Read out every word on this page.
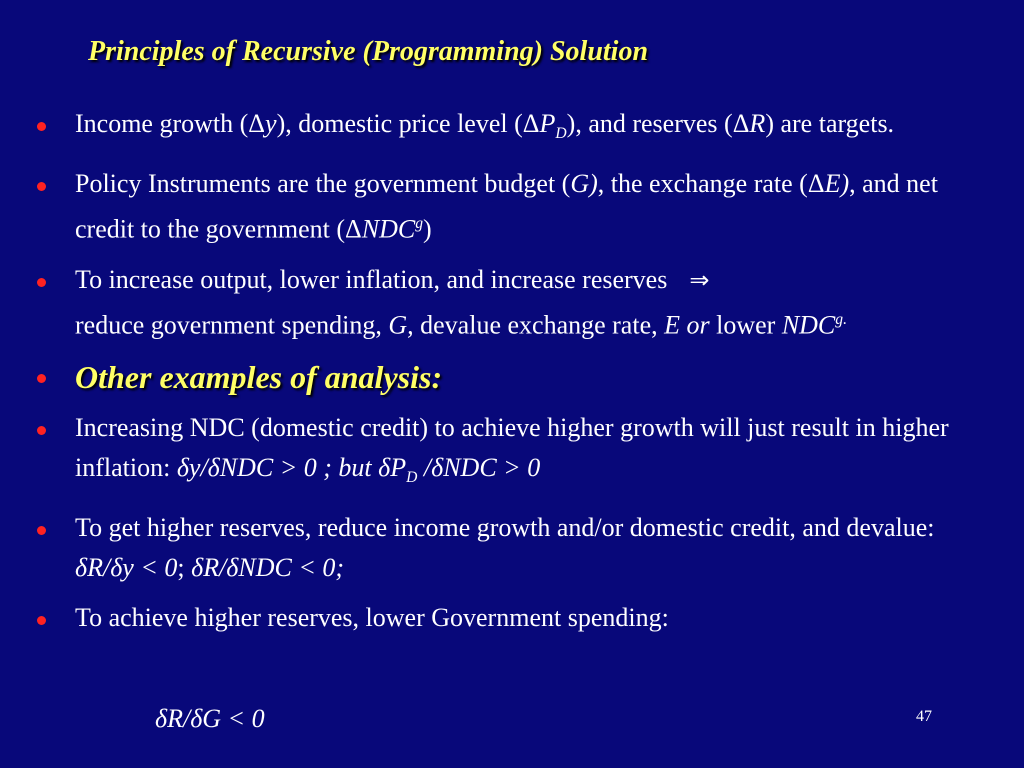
Principles of Recursive (Programming) Solution
Income growth (Δy), domestic price level $(\Delta P_D)$, and reserves (ΔR) are targets.
Policy Instruments are the government budget (G), the exchange rate (ΔE), and net credit to the government (ΔNDC$^g$)
To increase output, lower inflation, and increase reserves ⇒
reduce government spending, G, devalue exchange rate, E or lower $NDC^{g.}$
Other examples of analysis:
Increasing NDC (domestic credit) to achieve higher growth will just result in higher inflation: δy/δNDC > 0 ; but $\delta P_D$ /δNDC > 0
To get higher reserves, reduce income growth and/or domestic credit, and devalue: δR/δy < 0; δR/δNDC < 0;
To achieve higher reserves, lower Government spending:
δR/δG < 0	47
